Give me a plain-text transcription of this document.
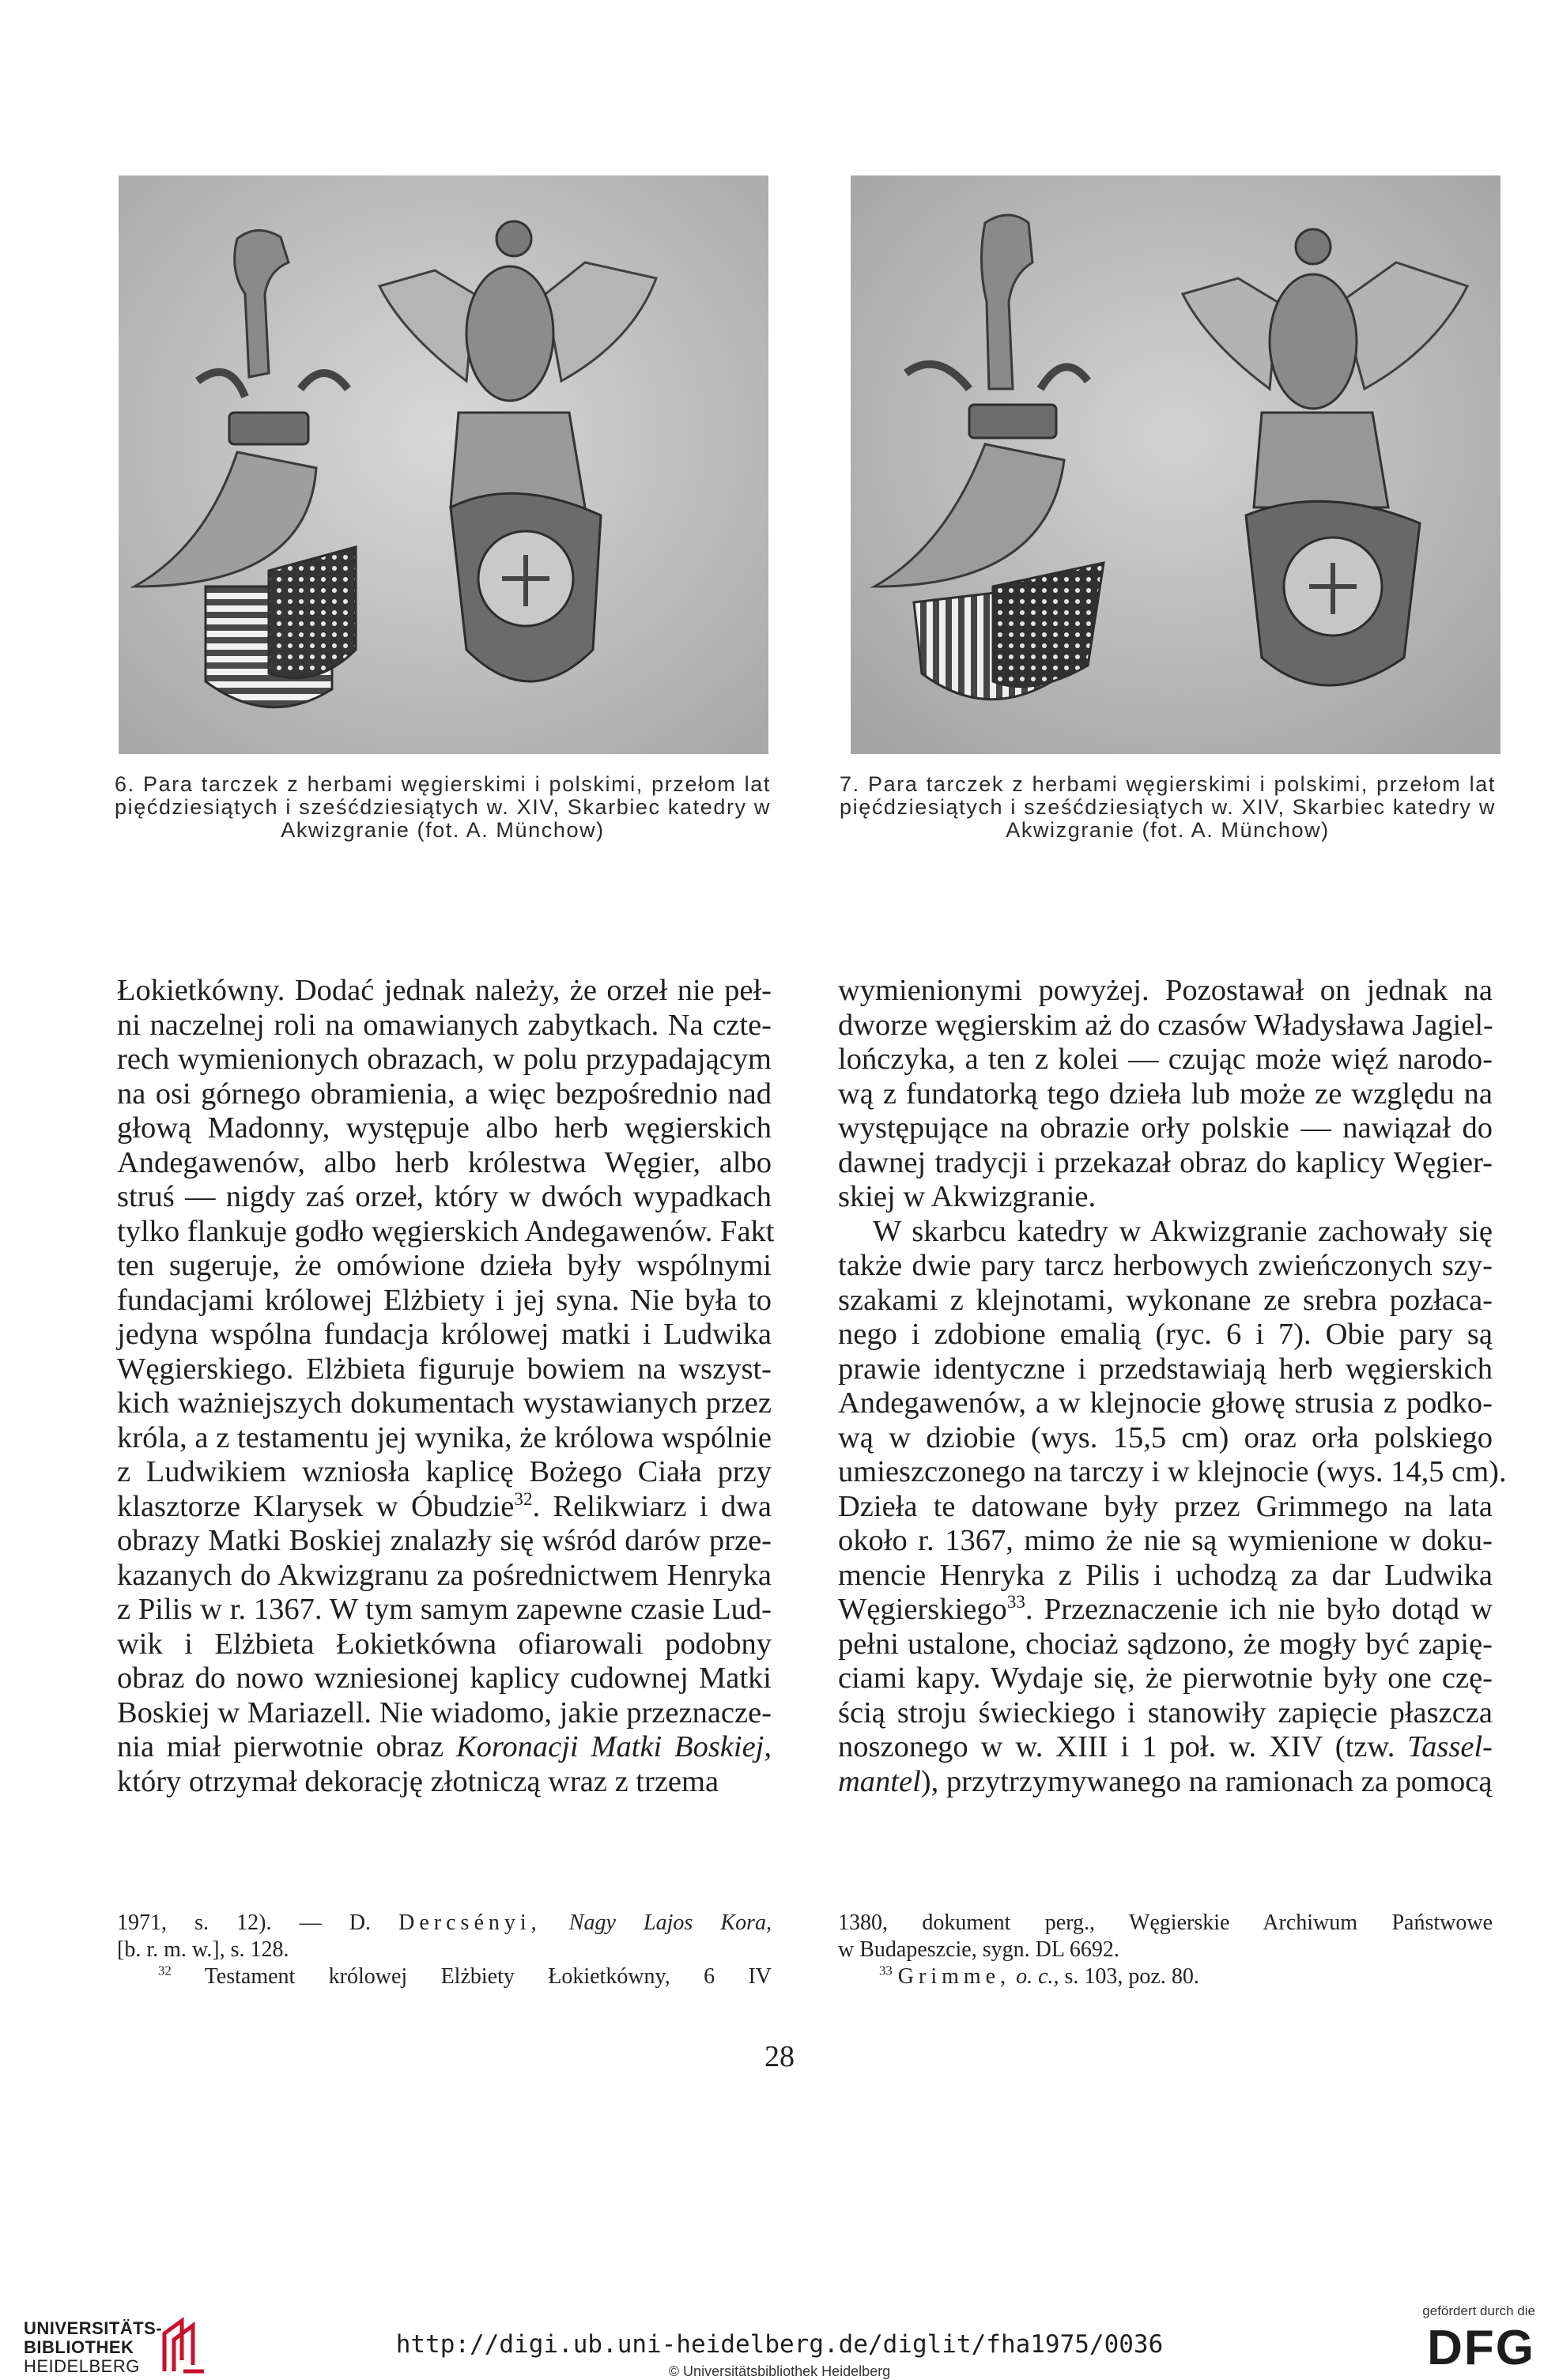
6. Para tarczek z herbami węgierskimi i polskimi, przełom lat pięćdziesiątych i sześćdziesiątych w. XIV, Skarbiec katedry w Akwizgranie (fot. A. Münchow)
7. Para tarczek z herbami węgierskimi i polskimi, przełom lat pięćdziesiątych i sześćdziesiątych w. XIV, Skarbiec katedry w Akwizgranie (fot. A. Münchow)
Łokietkówny. Dodać jednak należy, że orzeł nie peł-
ni naczelnej roli na omawianych zabytkach. Na czte-
rech wymienionych obrazach, w polu przypadającym
na osi górnego obramienia, a więc bezpośrednio nad
głową Madonny, występuje albo herb węgierskich
Andegawenów, albo herb królestwa Węgier, albo
struś — nigdy zaś orzeł, który w dwóch wypadkach
tylko flankuje godło węgierskich Andegawenów. Fakt
ten sugeruje, że omówione dzieła były wspólnymi
fundacjami królowej Elżbiety i jej syna. Nie była to
jedyna wspólna fundacja królowej matki i Ludwika
Węgierskiego. Elżbieta figuruje bowiem na wszyst-
kich ważniejszych dokumentach wystawianych przez
króla, a z testamentu jej wynika, że królowa wspólnie
z Ludwikiem wzniosła kaplicę Bożego Ciała przy
klasztorze Klarysek w Óbudzie$^{32}$. Relikwiarz i dwa
obrazy Matki Boskiej znalazły się wśród darów prze-
kazanych do Akwizgranu za pośrednictwem Henryka
z Pilis w r. 1367. W tym samym zapewne czasie Lud-
wik i Elżbieta Łokietkówna ofiarowali podobny
obraz do nowo wzniesionej kaplicy cudownej Matki
Boskiej w Mariazell. Nie wiadomo, jakie przeznacze-
nia miał pierwotnie obraz Koronacji Matki Boskiej,
który otrzymał dekorację złotniczą wraz z trzema
wymienionymi powyżej. Pozostawał on jednak na
dworze węgierskim aż do czasów Władysława Jagiel-
lończyka, a ten z kolei — czując może więź narodo-
wą z fundatorką tego dzieła lub może ze względu na
występujące na obrazie orły polskie — nawiązał do
dawnej tradycji i przekazał obraz do kaplicy Węgier-
skiej w Akwizgranie.
W skarbcu katedry w Akwizgranie zachowały się
także dwie pary tarcz herbowych zwieńczonych szy-
szakami z klejnotami, wykonane ze srebra pozłaca-
nego i zdobione emalią (ryc. 6 i 7). Obie pary są
prawie identyczne i przedstawiają herb węgierskich
Andegawenów, a w klejnocie głowę strusia z podko-
wą w dziobie (wys. 15,5 cm) oraz orła polskiego
umieszczonego na tarczy i w klejnocie (wys. 14,5 cm).
Dzieła te datowane były przez Grimmego na lata
około r. 1367, mimo że nie są wymienione w doku-
mencie Henryka z Pilis i uchodzą za dar Ludwika
Węgierskiego$^{33}$. Przeznaczenie ich nie było dotąd w
pełni ustalone, chociaż sądzono, że mogły być zapię-
ciami kapy. Wydaje się, że pierwotnie były one czę-
ścią stroju świeckiego i stanowiły zapięcie płaszcza
noszonego w w. XIII i 1 poł. w. XIV (tzw. Tassel-
mantel), przytrzymywanego na ramionach za pomocą
1971, s. 12). — D. Dercsényi, Nagy Lajos Kora,
[b. r. m. w.], s. 128.
$^{32}$ Testament królowej Elżbiety Łokietkówny, 6 IV
1380, dokument perg., Węgierskie Archiwum Państwowe
w Budapeszcie, sygn. DL 6692.
$^{33}$ Grimme, o. c., s. 103, poz. 80.
28
UNIVERSITÄTS-
BIBLIOTHEK
HEIDELBERG
http://digi.ub.uni-heidelberg.de/diglit/fha1975/0036
© Universitätsbibliothek Heidelberg
gefördert durch die
DFG
